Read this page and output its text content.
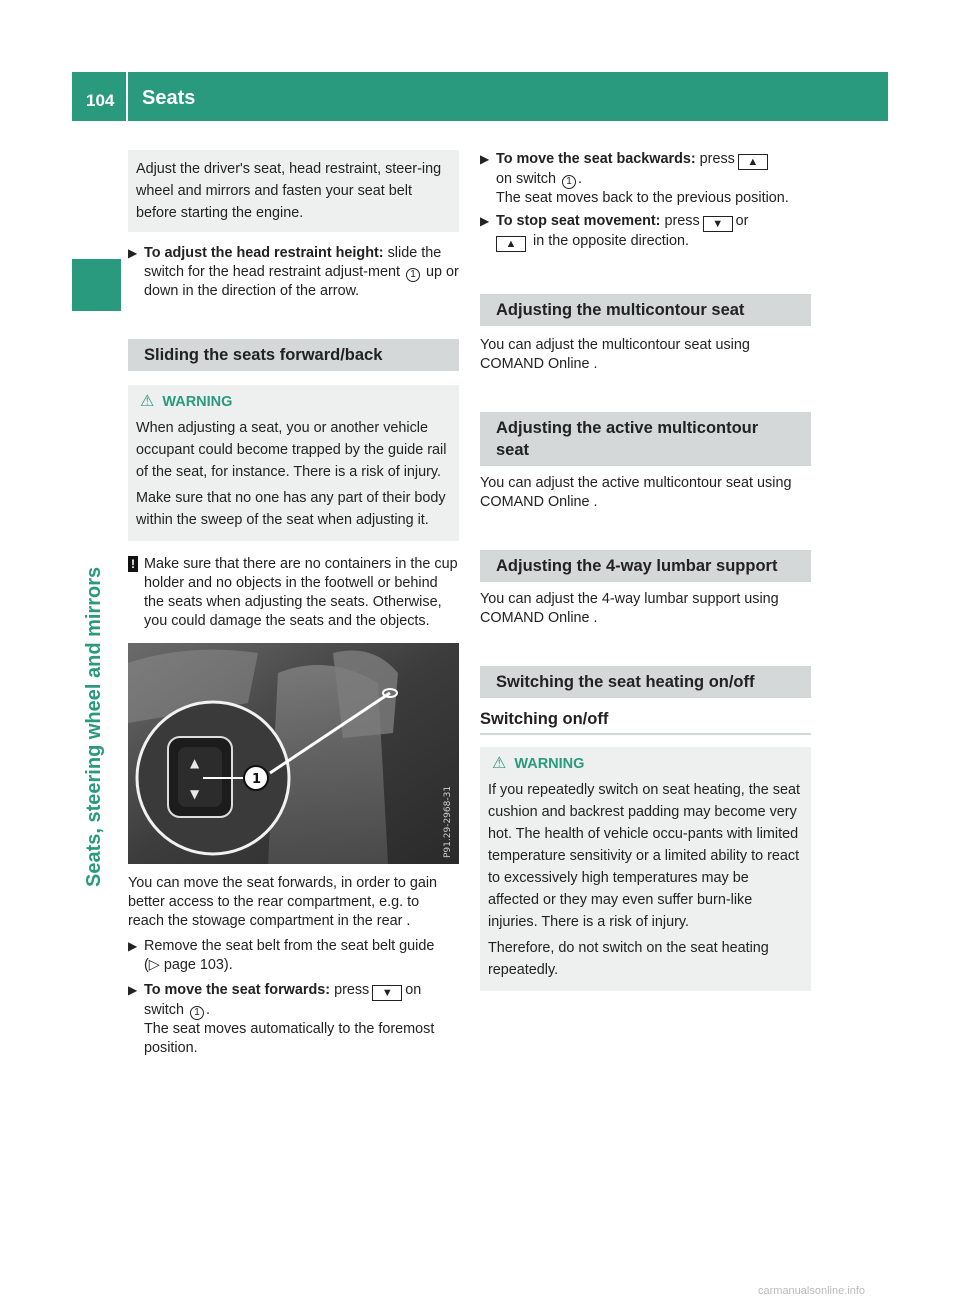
104	Seats
Seats, steering wheel and mirrors

Adjust the driver's seat, head restraint, steer-ing wheel and mirrors and fasten your seat belt before starting the engine.

▶ To adjust the head restraint height: slide the switch for the head restraint adjust-ment 1 up or down in the direction of the arrow.
Sliding the seats forward/back
⚠ WARNING

When adjusting a seat, you or another vehicle occupant could become trapped by the guide rail of the seat, for instance. There is a risk of injury.

Make sure that no one has any part of their body within the sweep of the seat when adjusting it.

! Make sure that there are no containers in the cup holder and no objects in the footwell or behind the seats when adjusting the seats. Otherwise, you could damage the seats and the objects.
▲
▼
1
P91.29-2968-31

You can move the seat forwards, in order to gain better access to the rear compartment, e.g. to reach the stowage compartment in the rear .

▶ Remove the seat belt from the seat belt guide (▷ page 103).
▶ To move the seat forwards: press ▼ on switch 1 .
The seat moves automatically to the foremost position.
▶ To move the seat backwards: press ▲
on switch 1 .
The seat moves back to the previous position.
▶ To stop seat movement: press ▼ or
▲ in the opposite direction.
Adjusting the multicontour seat

You can adjust the multicontour seat using COMAND Online .

Adjusting the active multicontour seat

You can adjust the active multicontour seat using COMAND Online .

Adjusting the 4-way lumbar support

You can adjust the 4-way lumbar support using COMAND Online .

Switching the seat heating on/off
Switching on/off
⚠ WARNING

If you repeatedly switch on seat heating, the seat cushion and backrest padding may become very hot. The health of vehicle occu-pants with limited temperature sensitivity or a limited ability to react to excessively high temperatures may be affected or they may even suffer burn-like injuries. There is a risk of injury.

Therefore, do not switch on the seat heating repeatedly.

carmanualsonline.info
